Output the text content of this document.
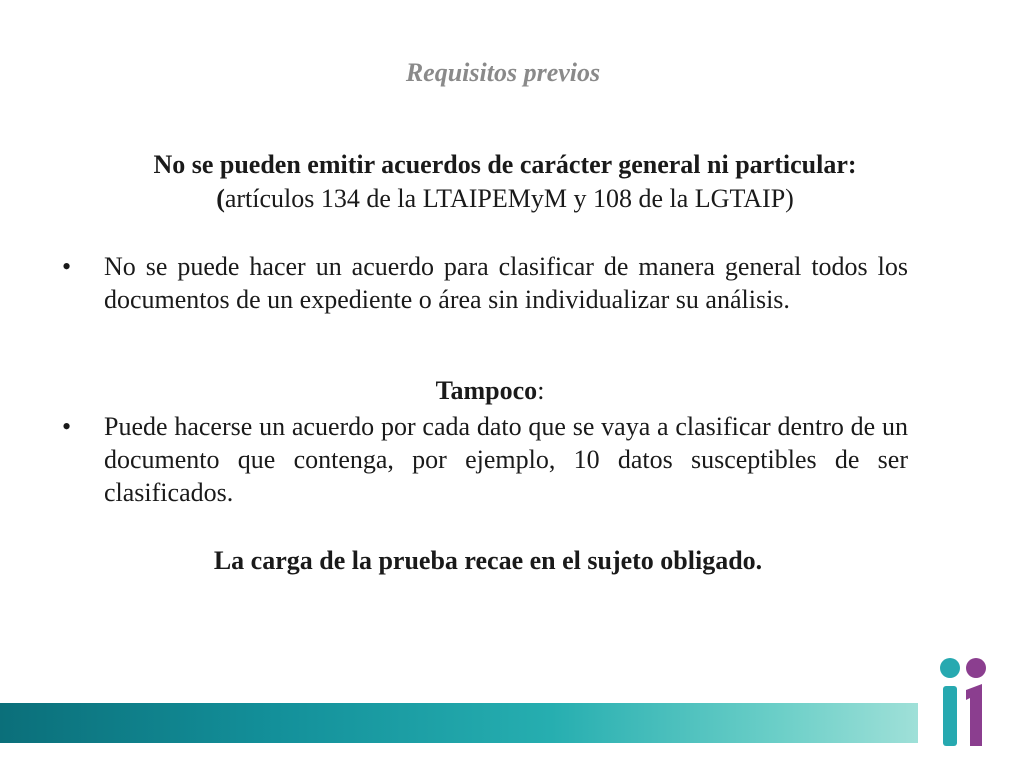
Requisitos previos
No se pueden emitir acuerdos de carácter general ni particular:
(artículos 134 de la LTAIPEMyM y 108 de la LGTAIP)
•	No se puede hacer un acuerdo para clasificar de manera general todos los documentos de un expediente o área sin individualizar su análisis.
Tampoco:
•	Puede hacerse un acuerdo por cada dato que se vaya a clasificar dentro de un documento que contenga, por ejemplo, 10 datos susceptibles de ser clasificados.
La carga de la prueba recae en el sujeto obligado.
